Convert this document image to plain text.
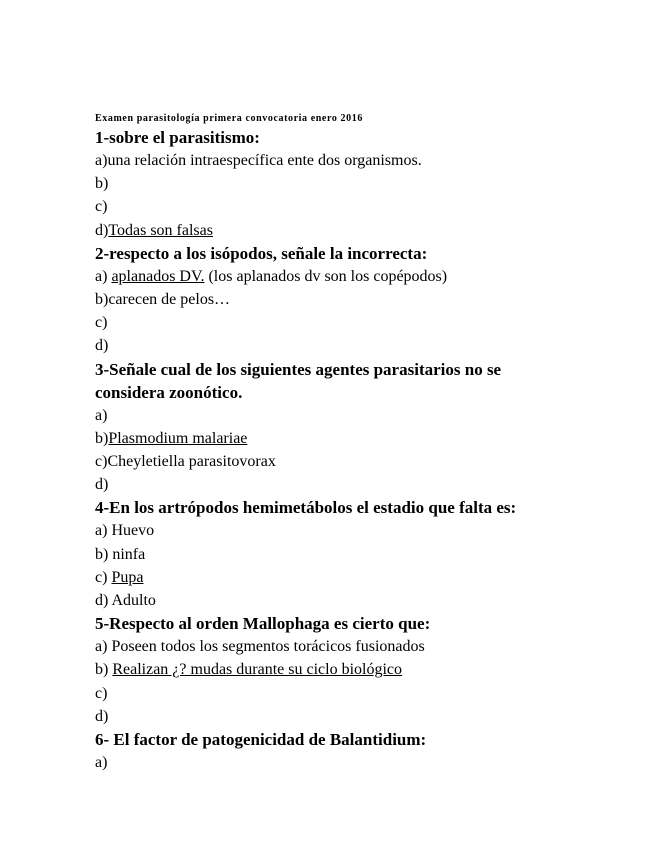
Examen parasitología primera convocatoria enero 2016

1-sobre el parasitismo:

a)una relación intraespecífica ente dos organismos.

b)

c)

d)Todas son falsas

2-respecto a los isópodos, señale la incorrecta:

a) aplanados DV. (los aplanados dv son los copépodos)

b)carecen de pelos…

c)

d)

3-Señale cual de los siguientes agentes parasitarios no se considera zoonótico.

a)

b)Plasmodium malariae

c)Cheyletiella parasitovorax

d)

4-En los artrópodos hemimetábolos el estadio que falta es:

a) Huevo

b) ninfa

c) Pupa

d) Adulto

5-Respecto al orden Mallophaga es cierto que:

a) Poseen todos los segmentos torácicos fusionados

b) Realizan ¿? mudas durante su ciclo biológico

c)

d)

6- El factor de patogenicidad de Balantidium:

a)
